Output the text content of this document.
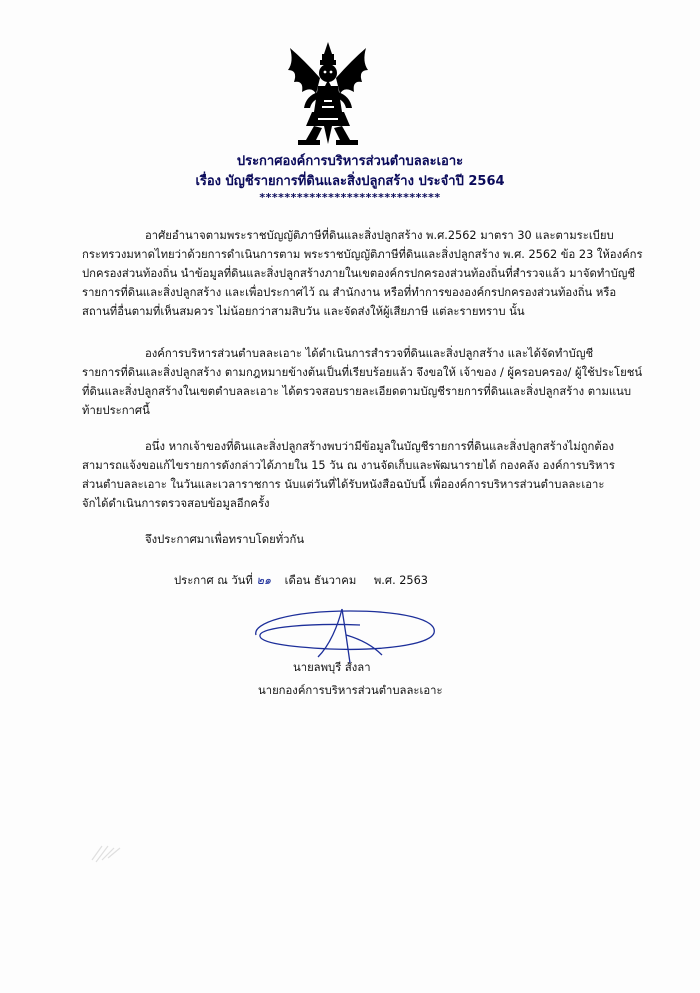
ประกาศองค์การบริหารส่วนตำบลละเอาะ
เรื่อง บัญชีรายการที่ดินและสิ่งปลูกสร้าง ประจำปี 2564
*****************************
อาศัยอำนาจตามพระราชบัญญัติภาษีที่ดินและสิ่งปลูกสร้าง พ.ศ.2562 มาตรา 30 และตามระเบียบ
กระทรวงมหาดไทยว่าด้วยการดำเนินการตาม พระราชบัญญัติภาษีที่ดินและสิ่งปลูกสร้าง พ.ศ. 2562 ข้อ 23 ให้องค์กร
ปกครองส่วนท้องถิ่น นำข้อมูลที่ดินและสิ่งปลูกสร้างภายในเขตองค์กรปกครองส่วนท้องถิ่นที่สำรวจแล้ว มาจัดทำบัญชี
รายการที่ดินและสิ่งปลูกสร้าง และเพื่อประกาศไว้ ณ สำนักงาน หรือที่ทำการขององค์กรปกครองส่วนท้องถิ่น หรือ
สถานที่อื่นตามที่เห็นสมควร ไม่น้อยกว่าสามสิบวัน และจัดส่งให้ผู้เสียภาษี แต่ละรายทราบ นั้น
องค์การบริหารส่วนตำบลละเอาะ ได้ดำเนินการสำรวจที่ดินและสิ่งปลูกสร้าง และได้จัดทำบัญชี
รายการที่ดินและสิ่งปลูกสร้าง ตามกฎหมายข้างต้นเป็นที่เรียบร้อยแล้ว จึงขอให้ เจ้าของ / ผู้ครอบครอง/ ผู้ใช้ประโยชน์
ที่ดินและสิ่งปลูกสร้างในเขตตำบลละเอาะ ได้ตรวจสอบรายละเอียดตามบัญชีรายการที่ดินและสิ่งปลูกสร้าง ตามแนบ
ท้ายประกาศนี้
อนึ่ง หากเจ้าของที่ดินและสิ่งปลูกสร้างพบว่ามีข้อมูลในบัญชีรายการที่ดินและสิ่งปลูกสร้างไม่ถูกต้อง
สามารถแจ้งขอแก้ไขรายการดังกล่าวได้ภายใน 15 วัน ณ งานจัดเก็บและพัฒนารายได้ กองคลัง องค์การบริหาร
ส่วนตำบลละเอาะ ในวันและเวลาราชการ นับแต่วันที่ได้รับหนังสือฉบับนี้ เพื่อองค์การบริหารส่วนตำบลละเอาะ
จักได้ดำเนินการตรวจสอบข้อมูลอีกครั้ง
จึงประกาศมาเพื่อทราบโดยทั่วกัน
ประกาศ ณ วันที่ ๒๑ เดือน ธันวาคม พ.ศ. 2563
นายลพบุรี สังลา
นายกองค์การบริหารส่วนตำบลละเอาะ
